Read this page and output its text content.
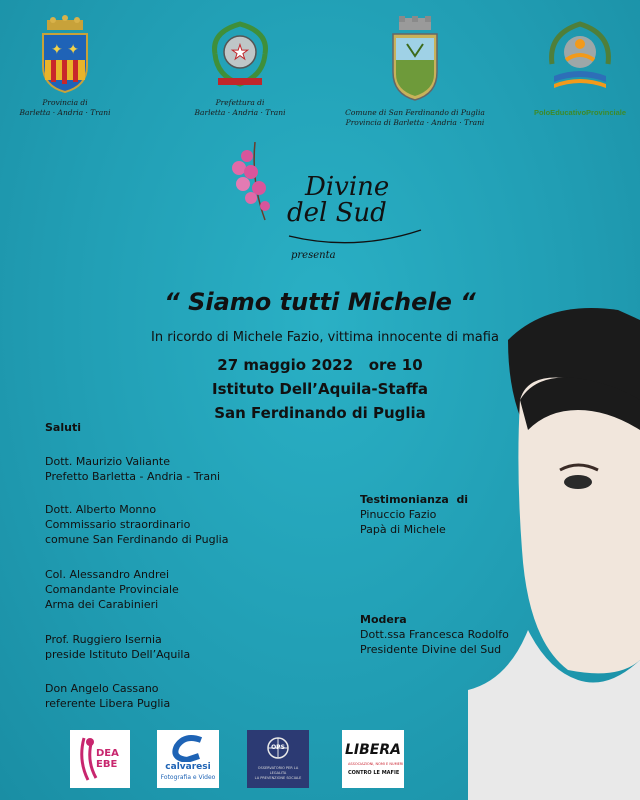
✦ ✦
Provincia di
Barletta · Andria · Trani
★
Prefettura di
Barletta · Andria · Trani	Comune di San Ferdinando di Puglia
Provincia di Barletta · Andria · Trani
PoloEducativoProvinciale
Divine
del Sud
presenta
“ Siamo tutti Michele “
In ricordo di Michele Fazio, vittima innocente di mafia
27 maggio 2022   ore 10
Istituto Dell’Aquila-Staffa
San Ferdinando di Puglia
Saluti
Dott. Maurizio Valiante
Prefetto Barletta - Andria - Trani
Dott. Alberto Monno
Commissario straordinario
comune San Ferdinando di Puglia
Col. Alessandro Andrei
Comandante Provinciale
Arma dei Carabinieri
Prof. Ruggiero Isernia
preside Istituto Dell’Aquila
Don Angelo Cassano
referente Libera Puglia
Testimonianza  di
Pinuccio Fazio
Papà di Michele
Modera
Dott.ssa Francesca Rodolfo
Presidente Divine del Sud
DEA
EBE	calvaresi
Fotografia e Video
OPS
OSSERVATORIO PER LA LEGALITA
LA PREVENZIONE SOCIALE
LIBERA
ASSOCIAZIONI, NOMI E NUMERI
CONTRO LE MAFIE
